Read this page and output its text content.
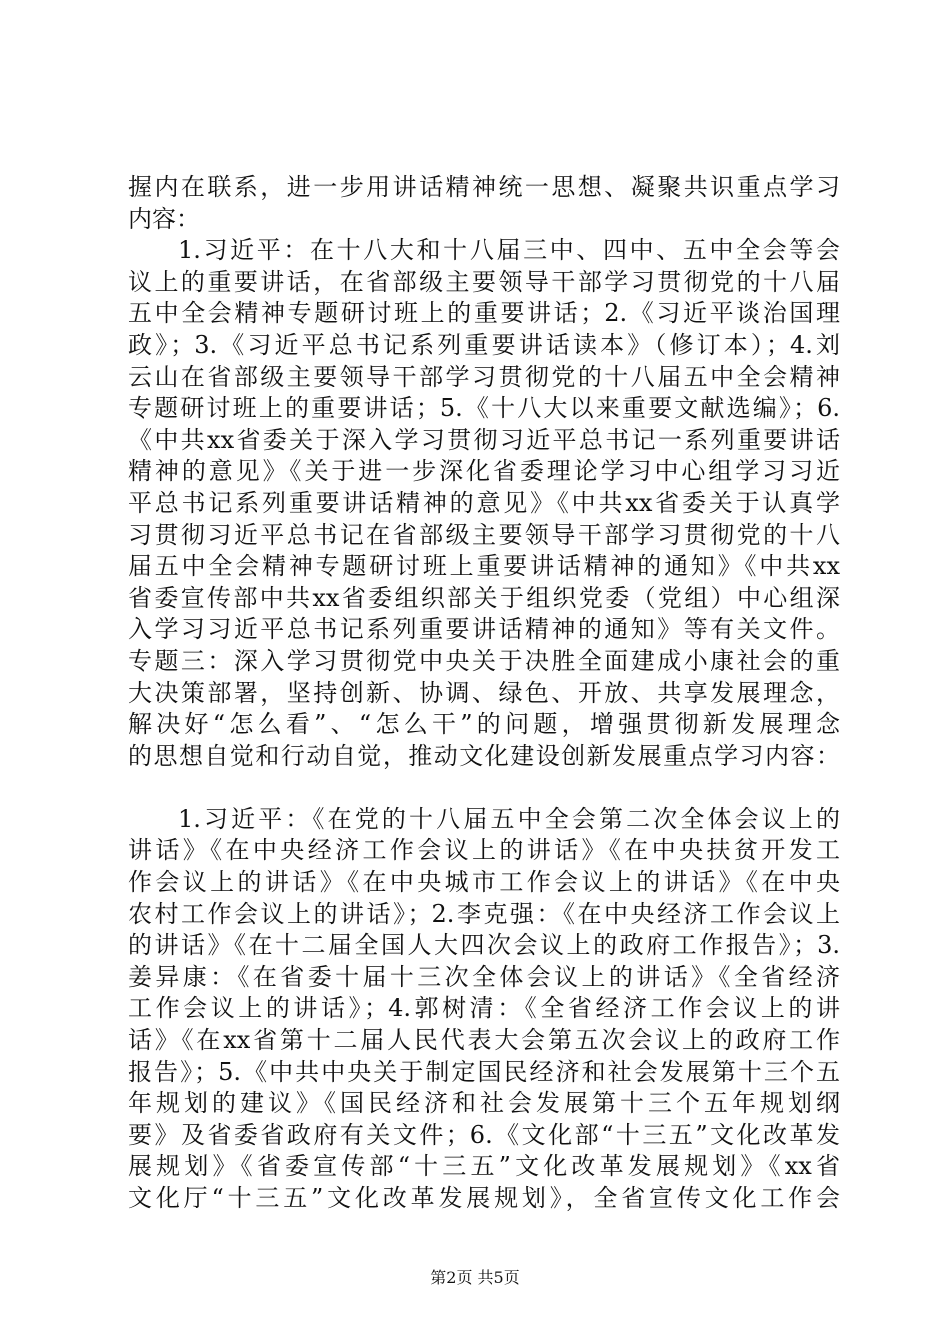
握内在联系，进一步用讲话精神统一思想、凝聚共识重点学习
内容：
1.习近平：在十八大和十八届三中、四中、五中全会等会
议上的重要讲话，在省部级主要领导干部学习贯彻党的十八届
五中全会精神专题研讨班上的重要讲话；2.《习近平谈治国理
政》；3.《习近平总书记系列重要讲话读本》（修订本）；4.刘
云山在省部级主要领导干部学习贯彻党的十八届五中全会精神
专题研讨班上的重要讲话；5.《十八大以来重要文献选编》；6.
《中共xx省委关于深入学习贯彻习近平总书记一系列重要讲话
精神的意见》《关于进一步深化省委理论学习中心组学习习近
平总书记系列重要讲话精神的意见》《中共xx省委关于认真学
习贯彻习近平总书记在省部级主要领导干部学习贯彻党的十八
届五中全会精神专题研讨班上重要讲话精神的通知》《中共xx
省委宣传部中共xx省委组织部关于组织党委（党组）中心组深
入学习习近平总书记系列重要讲话精神的通知》等有关文件。
专题三：深入学习贯彻党中央关于决胜全面建成小康社会的重
大决策部署，坚持创新、协调、绿色、开放、共享发展理念，
解决好“怎么看”、“怎么干”的问题，增强贯彻新发展理念
的思想自觉和行动自觉，推动文化建设创新发展重点学习内容：
1.习近平：《在党的十八届五中全会第二次全体会议上的
讲话》《在中央经济工作会议上的讲话》《在中央扶贫开发工
作会议上的讲话》《在中央城市工作会议上的讲话》《在中央
农村工作会议上的讲话》；2.李克强：《在中央经济工作会议上
的讲话》《在十二届全国人大四次会议上的政府工作报告》；3.
姜异康：《在省委十届十三次全体会议上的讲话》《全省经济
工作会议上的讲话》；4.郭树清：《全省经济工作会议上的讲
话》《在xx省第十二届人民代表大会第五次会议上的政府工作
报告》；5.《中共中央关于制定国民经济和社会发展第十三个五
年规划的建议》《国民经济和社会发展第十三个五年规划纲
要》及省委省政府有关文件；6.《文化部“十三五”文化改革发
展规划》《省委宣传部“十三五”文化改革发展规划》《xx省
文化厅“十三五”文化改革发展规划》，全省宣传文化工作会
第2页 共5页
